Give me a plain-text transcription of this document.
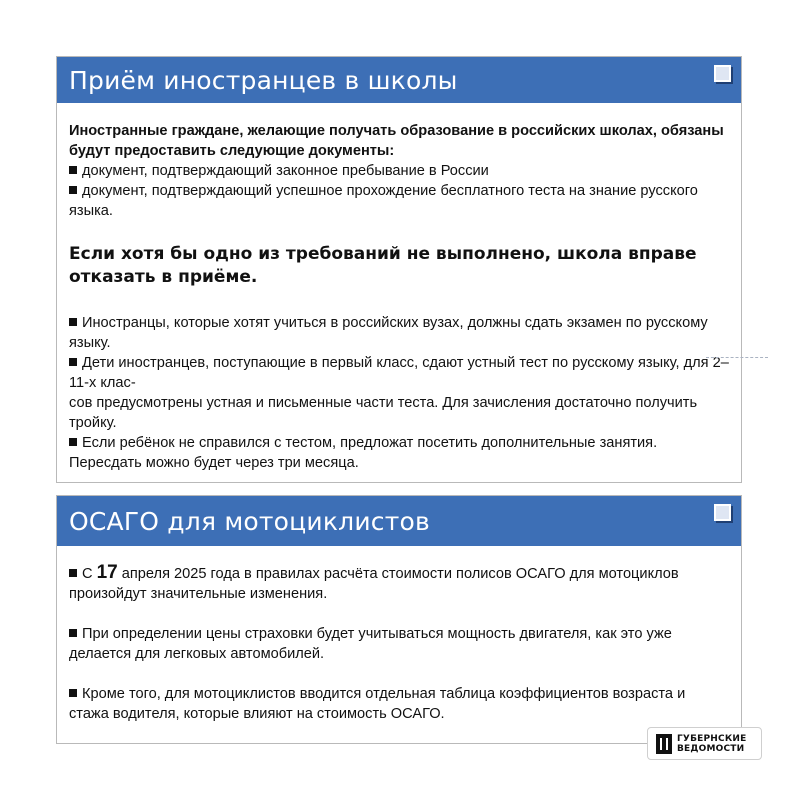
Приём иностранцев в школы

Иностранные граждане, желающие получать образование в российских школах, обязаны будут предоставить следующие документы:

документ, подтверждающий законное пребывание в России

документ, подтверждающий успешное прохождение бесплатного теста на знание русского языка.

Если хотя бы одно из требований не выполнено, школа вправе отказать в приёме.

Иностранцы, которые хотят учиться в российских вузах, должны сдать экзамен по русскому языку.

Дети иностранцев, поступающие в первый класс, сдают устный тест по русскому языку, для 2–11-х клас-

сов предусмотрены устная и письменные части теста. Для зачисления достаточно получить тройку.

Если ребёнок не справился с тестом, предложат посетить дополнительные занятия. Пересдать можно будет через три месяца.

ОСАГО для мотоциклистов

С 17 апреля 2025 года в правилах расчёта стоимости полисов ОСАГО для мотоциклов произойдут значительные изменения.

При определении цены страховки будет учитываться мощность двигателя, как это уже делается для легковых автомобилей.

Кроме того, для мотоциклистов вводится отдельная таблица коэффициентов возраста и стажа водителя, которые влияют на стоимость ОСАГО.

ГУБЕРНСКИЕ
ВЕДОМОСТИ
